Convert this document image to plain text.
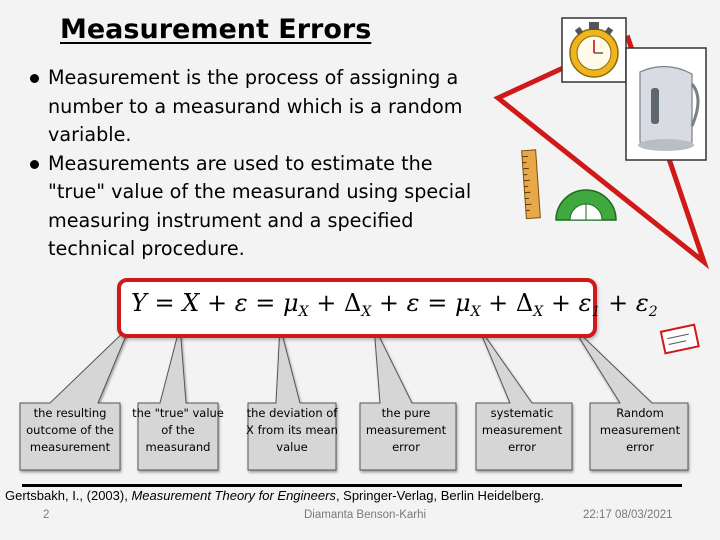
Measurement Errors
Measurement is the process of assigning a number to a measurand which is a random variable.
Measurements are used to estimate the "true" value of the measurand using special measuring instrument and a specified technical procedure.
$Y = X + \varepsilon = \mu_X + \Delta_X + \varepsilon = \mu_X + \Delta_X + \varepsilon_1 + \varepsilon_2$
the resulting outcome of the measurement
the "true" value of the measurand
the deviation of X from its mean value
the pure measurement error
systematic measurement error
Random measurement error
Gertsbakh, I., (2003), Measurement Theory for Engineers, Springer-Verlag, Berlin Heidelberg.
2	Diamanta Benson-Karhi	22:17 08/03/2021
